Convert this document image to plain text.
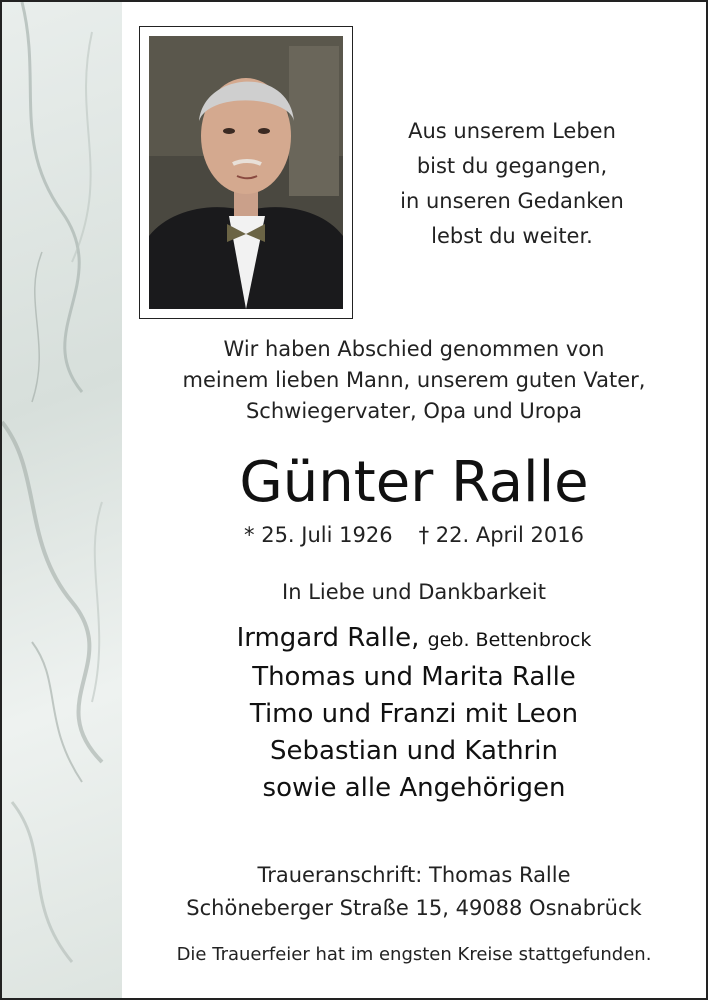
Aus unserem Leben
bist du gegangen,
in unseren Gedanken
lebst du weiter.
Wir haben Abschied genommen von
meinem lieben Mann, unserem guten Vater,
Schwiegervater, Opa und Uropa
Günter Ralle
* 25. Juli 1926 † 22. April 2016
In Liebe und Dankbarkeit
Irmgard Ralle, geb. Bettenbrock
Thomas und Marita Ralle
Timo und Franzi mit Leon
Sebastian und Kathrin
sowie alle Angehörigen
Traueranschrift: Thomas Ralle
Schöneberger Straße 15, 49088 Osnabrück
Die Trauerfeier hat im engsten Kreise stattgefunden.
